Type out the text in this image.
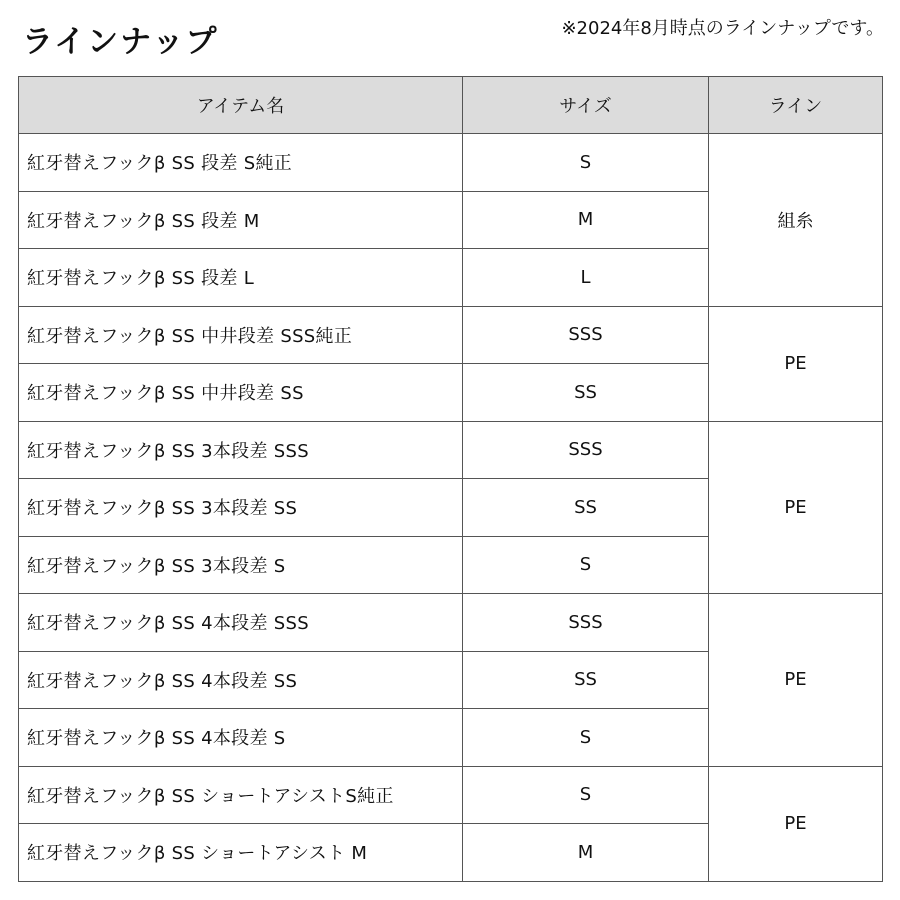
ラインナップ	※2024年8月時点のラインナップです。
アイテム名	サイズ	ライン
紅牙替えフックβ SS 段差 S純正	S	組糸
紅牙替えフックβ SS 段差 M	M	
紅牙替えフックβ SS 段差 L	L	
紅牙替えフックβ SS 中井段差 SSS純正	SSS	PE
紅牙替えフックβ SS 中井段差 SS	SS	
紅牙替えフックβ SS 3本段差 SSS	SSS	PE
紅牙替えフックβ SS 3本段差 SS	SS	
紅牙替えフックβ SS 3本段差 S	S	
紅牙替えフックβ SS 4本段差 SSS	SSS	PE
紅牙替えフックβ SS 4本段差 SS	SS	
紅牙替えフックβ SS 4本段差 S	S	
紅牙替えフックβ SS ショートアシストS純正	S	PE
紅牙替えフックβ SS ショートアシスト M	M	
